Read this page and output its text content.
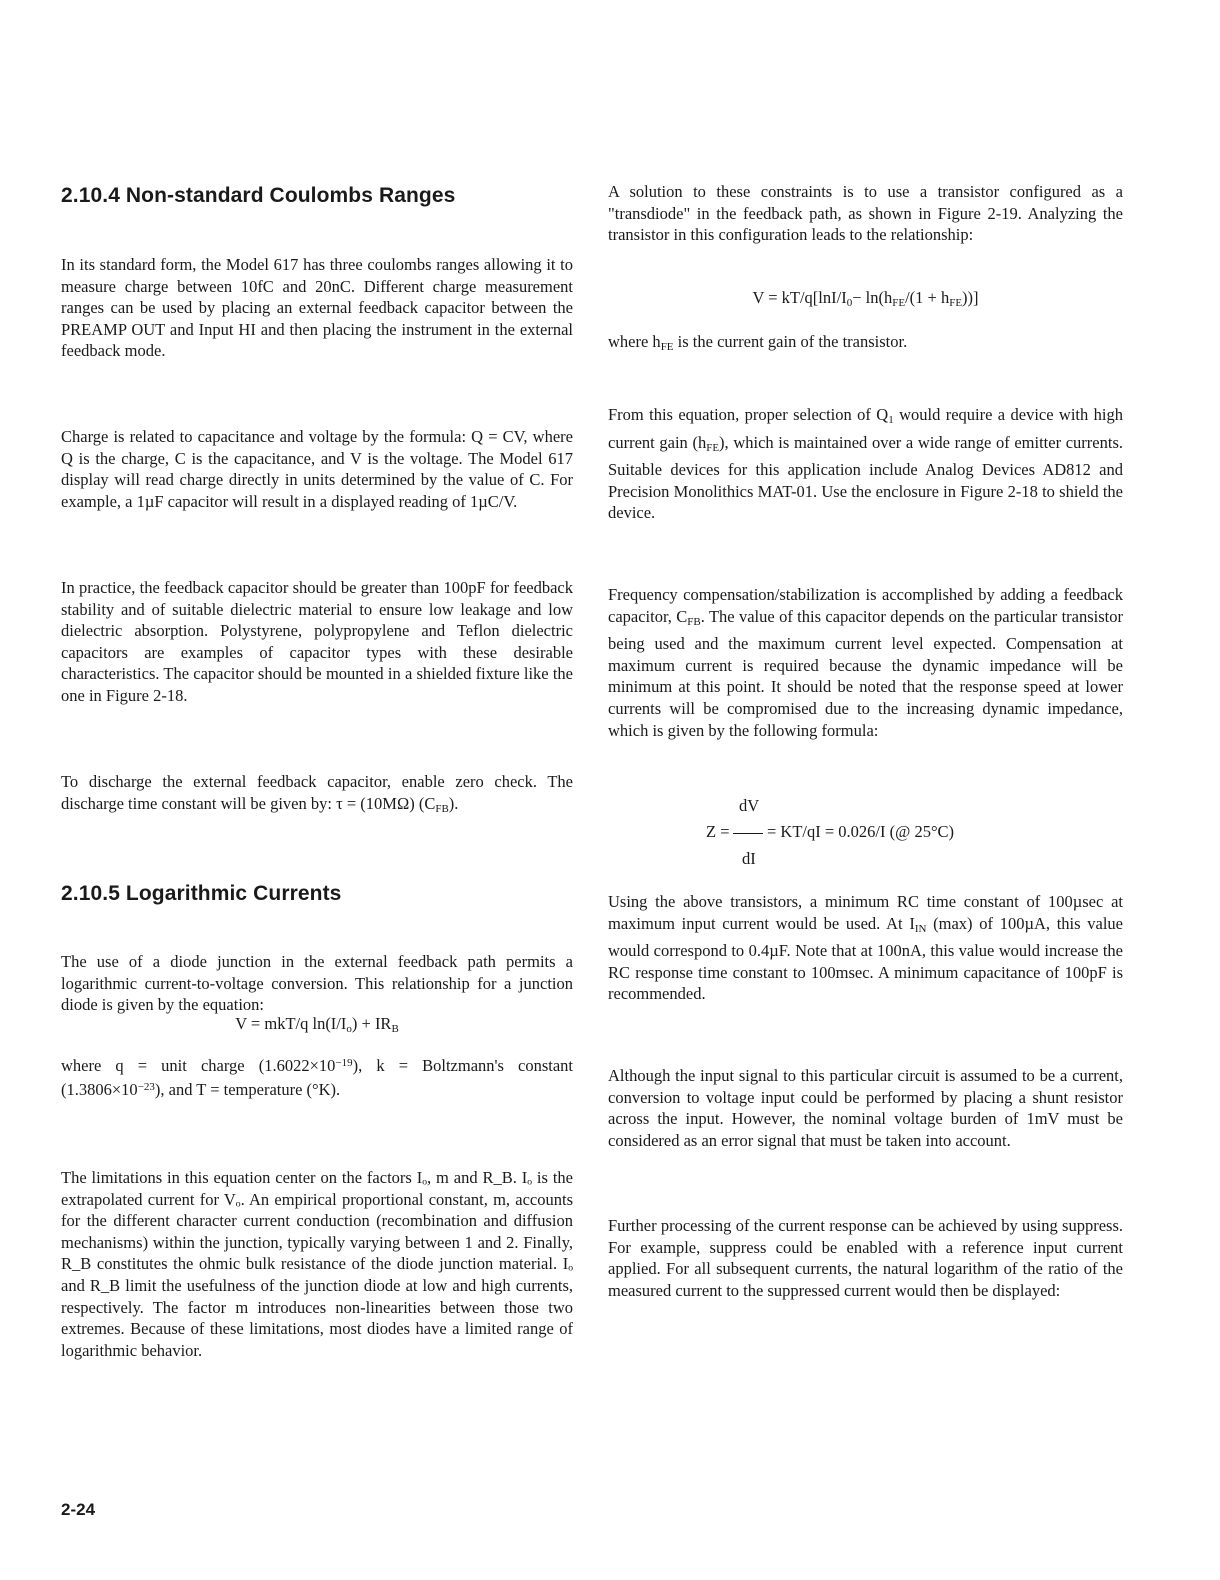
2.10.4 Non-standard Coulombs Ranges

In its standard form, the Model 617 has three coulombs ranges allowing it to measure charge between 10fC and 20nC. Different charge measurement ranges can be used by placing an external feedback capacitor between the PREAMP OUT and Input HI and then placing the instrument in the external feedback mode.

Charge is related to capacitance and voltage by the formula: Q = CV, where Q is the charge, C is the capacitance, and V is the voltage. The Model 617 display will read charge directly in units determined by the value of C. For example, a 1µF capacitor will result in a displayed reading of 1µC/V.

In practice, the feedback capacitor should be greater than 100pF for feedback stability and of suitable dielectric material to ensure low leakage and low dielectric absorption. Polystyrene, polypropylene and Teflon dielectric capacitors are examples of capacitor types with these desirable characteristics. The capacitor should be mounted in a shielded fixture like the one in Figure 2-18.

To discharge the external feedback capacitor, enable zero check. The discharge time constant will be given by: τ = (10MΩ) $(C_{FB})$.

2.10.5 Logarithmic Currents

The use of a diode junction in the external feedback path permits a logarithmic current-to-voltage conversion. This relationship for a junction diode is given by the equation:

V = mkT/q $\ln(I/I_o) + IR_B$

where q = unit charge $(1.6022\times 10^{-19})$, k = Boltzmann's constant $(1.3806\times 10^{-23})$, and T = temperature (°K).

The limitations in this equation center on the factors Iₒ, m and R_B. Iₒ is the extrapolated current for Vₒ. An empirical proportional constant, m, accounts for the different character current conduction (recombination and diffusion mechanisms) within the junction, typically varying between 1 and 2. Finally, R_B constitutes the ohmic bulk resistance of the diode junction material. Iₒ and R_B limit the usefulness of the junction diode at low and high currents, respectively. The factor m introduces non-linearities between those two extremes. Because of these limitations, most diodes have a limited range of logarithmic behavior.

A solution to these constraints is to use a transistor configured as a "transdiode" in the feedback path, as shown in Figure 2-19. Analyzing the transistor in this configuration leads to the relationship:

$V = kT/q[\ln I/I_0- \ln(h_{FE}/(1 + h_{FE}))]$

where $h_{FE}$ is the current gain of the transistor.

From this equation, proper selection of $Q_1$ would require a device with high current gain $(h_{FE})$, which is maintained over a wide range of emitter currents. Suitable devices for this application include Analog Devices AD812 and Precision Monolithics MAT-01. Use the enclosure in Figure 2-18 to shield the device.

Frequency compensation/stabilization is accomplished by adding a feedback capacitor, $C_{FB}$. The value of this capacitor depends on the particular transistor being used and the maximum current level expected. Compensation at maximum current is required because the dynamic impedance will be minimum at this point. It should be noted that the response speed at lower currents will be compromised due to the increasing dynamic impedance, which is given by the following formula:

dV
Z = = KT/qI = 0.026/I (@ 25°C)
dI

Using the above transistors, a minimum RC time constant of 100µsec at maximum input current would be used. At $I_{IN}$ (max) of 100µA, this value would correspond to 0.4µF. Note that at 100nA, this value would increase the RC response time constant to 100msec. A minimum capacitance of 100pF is recommended.

Although the input signal to this particular circuit is assumed to be a current, conversion to voltage input could be performed by placing a shunt resistor across the input. However, the nominal voltage burden of 1mV must be considered as an error signal that must be taken into account.

Further processing of the current response can be achieved by using suppress. For example, suppress could be enabled with a reference input current applied. For all subsequent currents, the natural logarithm of the ratio of the measured current to the suppressed current would then be displayed:

2-24
